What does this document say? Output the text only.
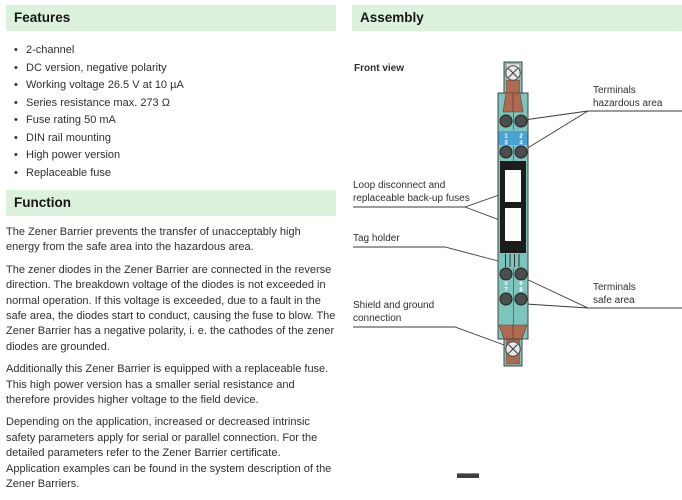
Features
• 2-channel
• DC version, negative polarity
• Working voltage 26.5 V at 10 µA
• Series resistance max. 273 Ω
• Fuse rating 50 mA
• DIN rail mounting
• High power version
• Replaceable fuse
Function

The Zener Barrier prevents the transfer of unacceptably high energy from the safe area into the hazardous area.

The zener diodes in the Zener Barrier are connected in the reverse direction. The breakdown voltage of the diodes is not exceeded in normal operation. If this voltage is exceeded, due to a fault in the safe area, the diodes start to conduct, causing the fuse to blow. The Zener Barrier has a negative polarity, i. e. the cathodes of the zener diodes are grounded.

Additionally this Zener Barrier is equipped with a replaceable fuse. This high power version has a smaller serial resistance and therefore provides higher voltage to the field device.

Depending on the application, increased or decreased intrinsic safety parameters apply for serial or parallel connection. For the detailed parameters refer to the Zener Barrier certificate. Application examples can be found in the system description of the Zener Barriers.

Assembly
1 2
3 4
5 6
7 8
Front view
Terminals
hazardous area
Loop disconnect and
replaceable back-up fuses
Tag holder
Terminals
safe area
Shield and ground
connection
